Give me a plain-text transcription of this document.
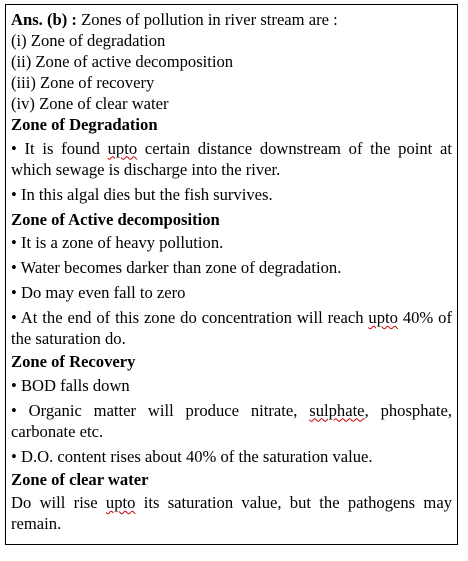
Ans. (b) : Zones of pollution in river stream are :
(i) Zone of degradation
(ii) Zone of active decomposition
(iii) Zone of recovery
(iv) Zone of clear water
Zone of Degradation
• It is found upto certain distance downstream of the point at which sewage is discharge into the river.
• In this algal dies but the fish survives.
Zone of Active decomposition
• It is a zone of heavy pollution.
• Water becomes darker than zone of degradation.
• Do may even fall to zero
• At the end of this zone do concentration will reach upto 40% of the saturation do.
Zone of Recovery
• BOD falls down
• Organic matter will produce nitrate, sulphate, phosphate, carbonate etc.
• D.O. content rises about 40% of the saturation value.
Zone of clear water
Do will rise upto its saturation value, but the pathogens may remain.
